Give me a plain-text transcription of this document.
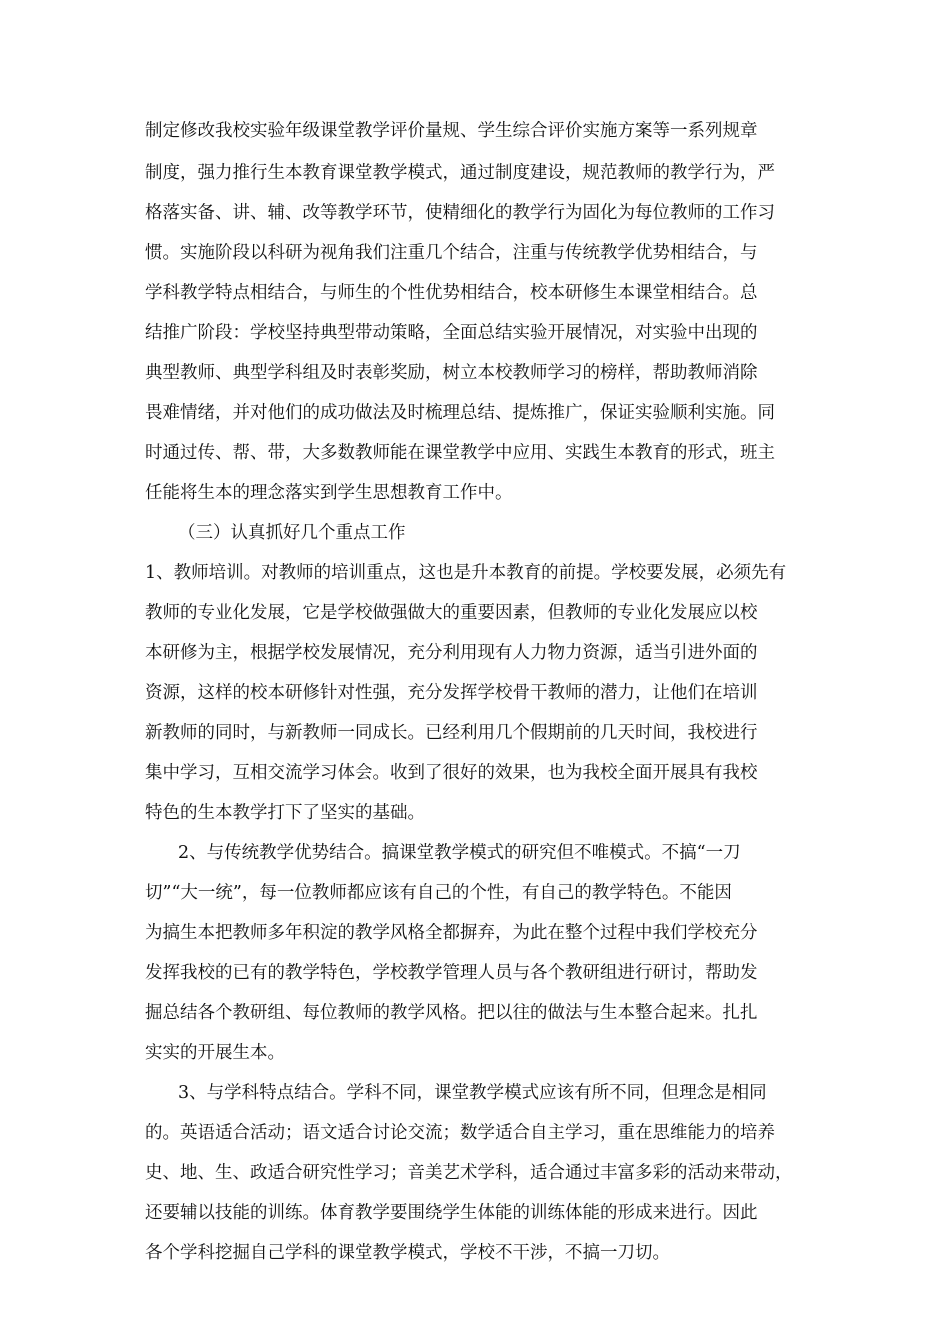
制定修改我校实验年级课堂教学评价量规、学生综合评价实施方案等一系列规章
制度，强力推行生本教育课堂教学模式，通过制度建设，规范教师的教学行为，严
格落实备、讲、辅、改等教学环节，使精细化的教学行为固化为每位教师的工作习
惯。实施阶段以科研为视角我们注重几个结合，注重与传统教学优势相结合，与
学科教学特点相结合，与师生的个性优势相结合，校本研修生本课堂相结合。总
结推广阶段：学校坚持典型带动策略，全面总结实验开展情况，对实验中出现的
典型教师、典型学科组及时表彰奖励，树立本校教师学习的榜样，帮助教师消除
畏难情绪，并对他们的成功做法及时梳理总结、提炼推广，保证实验顺利实施。同
时通过传、帮、带，大多数教师能在课堂教学中应用、实践生本教育的形式，班主
任能将生本的理念落实到学生思想教育工作中。
（三）认真抓好几个重点工作
1、教师培训。对教师的培训重点，这也是升本教育的前提。学校要发展，必须先有
教师的专业化发展，它是学校做强做大的重要因素，但教师的专业化发展应以校
本研修为主，根据学校发展情况，充分利用现有人力物力资源，适当引进外面的
资源，这样的校本研修针对性强，充分发挥学校骨干教师的潜力，让他们在培训
新教师的同时，与新教师一同成长。已经利用几个假期前的几天时间，我校进行
集中学习，互相交流学习体会。收到了很好的效果，也为我校全面开展具有我校
特色的生本教学打下了坚实的基础。
2、与传统教学优势结合。搞课堂教学模式的研究但不唯模式。不搞“一刀
切”“大一统”，每一位教师都应该有自己的个性，有自己的教学特色。不能因
为搞生本把教师多年积淀的教学风格全都摒弃，为此在整个过程中我们学校充分
发挥我校的已有的教学特色，学校教学管理人员与各个教研组进行研讨，帮助发
掘总结各个教研组、每位教师的教学风格。把以往的做法与生本整合起来。扎扎
实实的开展生本。
3、与学科特点结合。学科不同，课堂教学模式应该有所不同，但理念是相同
的。英语适合活动；语文适合讨论交流；数学适合自主学习，重在思维能力的培养
史、地、生、政适合研究性学习；音美艺术学科，适合通过丰富多彩的活动来带动，
还要辅以技能的训练。体育教学要围绕学生体能的训练体能的形成来进行。因此
各个学科挖掘自己学科的课堂教学模式，学校不干涉，不搞一刀切。
